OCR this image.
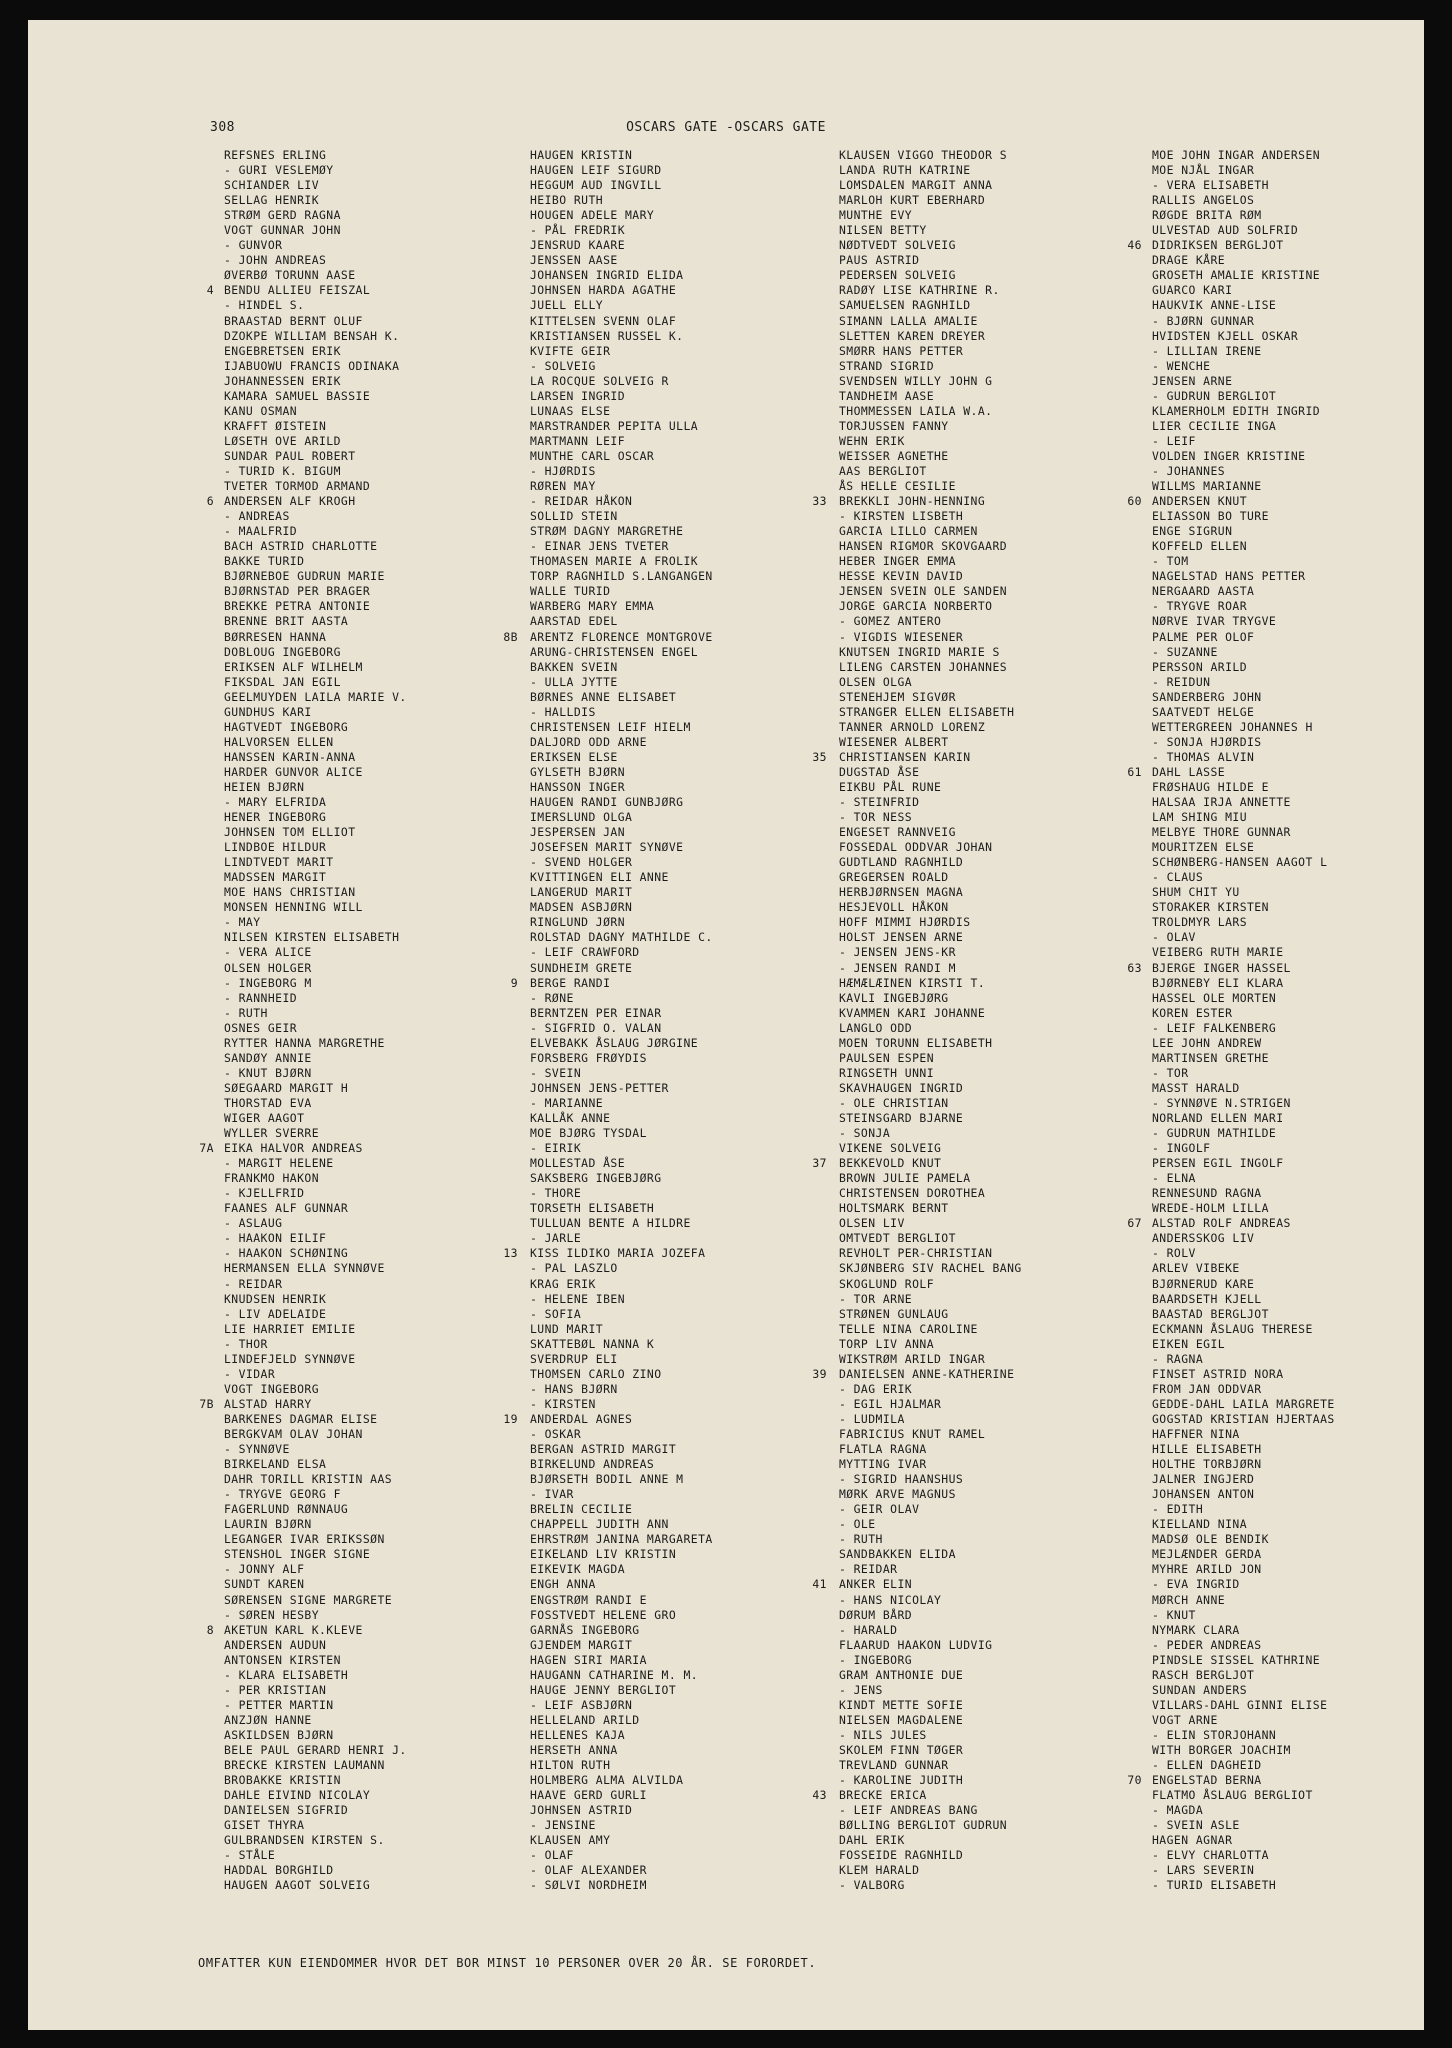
308	OSCARS GATE -OSCARS GATE
REFSNES ERLING
- GURI VESLEMØY
SCHIANDER LIV
SELLAG HENRIK
STRØM GERD RAGNA
VOGT GUNNAR JOHN
- GUNVOR
- JOHN ANDREAS
ØVERBØ TORUNN AASE
4 BENDU ALLIEU FEISZAL
- HINDEL S.
BRAASTAD BERNT OLUF
DZOKPE WILLIAM BENSAH K.
ENGEBRETSEN ERIK
IJABUOWU FRANCIS ODINAKA
JOHANNESSEN ERIK
KAMARA SAMUEL BASSIE
KANU OSMAN
KRAFFT ØISTEIN
LØSETH OVE ARILD
SUNDAR PAUL ROBERT
- TURID K. BIGUM
TVETER TORMOD ARMAND
6 ANDERSEN ALF KROGH
- ANDREAS
- MAALFRID
BACH ASTRID CHARLOTTE
BAKKE TURID
BJØRNEBOE GUDRUN MARIE
BJØRNSTAD PER BRAGER
BREKKE PETRA ANTONIE
BRENNE BRIT AASTA
BØRRESEN HANNA
DOBLOUG INGEBORG
ERIKSEN ALF WILHELM
FIKSDAL JAN EGIL
GEELMUYDEN LAILA MARIE V.
GUNDHUS KARI
HAGTVEDT INGEBORG
HALVORSEN ELLEN
HANSSEN KARIN-ANNA
HARDER GUNVOR ALICE
HEIEN BJØRN
- MARY ELFRIDA
HENER INGEBORG
JOHNSEN TOM ELLIOT
LINDBOE HILDUR
LINDTVEDT MARIT
MADSSEN MARGIT
MOE HANS CHRISTIAN
MONSEN HENNING WILL
- MAY
NILSEN KIRSTEN ELISABETH
- VERA ALICE
OLSEN HOLGER
- INGEBORG M
- RANNHEID
- RUTH
OSNES GEIR
RYTTER HANNA MARGRETHE
SANDØY ANNIE
- KNUT BJØRN
SØEGAARD MARGIT H
THORSTAD EVA
WIGER AAGOT
WYLLER SVERRE
7A EIKA HALVOR ANDREAS
- MARGIT HELENE
FRANKMO HAKON
- KJELLFRID
FAANES ALF GUNNAR
- ASLAUG
- HAAKON EILIF
- HAAKON SCHØNING
HERMANSEN ELLA SYNNØVE
- REIDAR
KNUDSEN HENRIK
- LIV ADELAIDE
LIE HARRIET EMILIE
- THOR
LINDEFJELD SYNNØVE
- VIDAR
VOGT INGEBORG
7B ALSTAD HARRY
BARKENES DAGMAR ELISE
BERGKVAM OLAV JOHAN
- SYNNØVE
BIRKELAND ELSA
DAHR TORILL KRISTIN AAS
- TRYGVE GEORG F
FAGERLUND RØNNAUG
LAURIN BJØRN
LEGANGER IVAR ERIKSSØN
STENSHOL INGER SIGNE
- JONNY ALF
SUNDT KAREN
SØRENSEN SIGNE MARGRETE
- SØREN HESBY
8 AKETUN KARL K.KLEVE
ANDERSEN AUDUN
ANTONSEN KIRSTEN
- KLARA ELISABETH
- PER KRISTIAN
- PETTER MARTIN
ANZJØN HANNE
ASKILDSEN BJØRN
BELE PAUL GERARD HENRI J.
BRECKE KIRSTEN LAUMANN
BROBAKKE KRISTIN
DAHLE EIVIND NICOLAY
DANIELSEN SIGFRID
GISET THYRA
GULBRANDSEN KIRSTEN S.
- STÅLE
HADDAL BORGHILD
HAUGEN AAGOT SOLVEIG
HAUGEN KRISTIN
HAUGEN LEIF SIGURD
HEGGUM AUD INGVILL
HEIBO RUTH
HOUGEN ADELE MARY
- PÅL FREDRIK
JENSRUD KAARE
JENSSEN AASE
JOHANSEN INGRID ELIDA
JOHNSEN HARDA AGATHE
JUELL ELLY
KITTELSEN SVENN OLAF
KRISTIANSEN RUSSEL K.
KVIFTE GEIR
- SOLVEIG
LA ROCQUE SOLVEIG R
LARSEN INGRID
LUNAAS ELSE
MARSTRANDER PEPITA ULLA
MARTMANN LEIF
MUNTHE CARL OSCAR
- HJØRDIS
RØREN MAY
- REIDAR HÅKON
SOLLID STEIN
STRØM DAGNY MARGRETHE
- EINAR JENS TVETER
THOMASEN MARIE A FROLIK
TORP RAGNHILD S.LANGANGEN
WALLE TURID
WARBERG MARY EMMA
AARSTAD EDEL
8B ARENTZ FLORENCE MONTGROVE
ARUNG-CHRISTENSEN ENGEL
BAKKEN SVEIN
- ULLA JYTTE
BØRNES ANNE ELISABET
- HALLDIS
CHRISTENSEN LEIF HIELM
DALJORD ODD ARNE
ERIKSEN ELSE
GYLSETH BJØRN
HANSSON INGER
HAUGEN RANDI GUNBJØRG
IMERSLUND OLGA
JESPERSEN JAN
JOSEFSEN MARIT SYNØVE
- SVEND HOLGER
KVITTINGEN ELI ANNE
LANGERUD MARIT
MADSEN ASBJØRN
RINGLUND JØRN
ROLSTAD DAGNY MATHILDE C.
- LEIF CRAWFORD
SUNDHEIM GRETE
9 BERGE RANDI
- RØNE
BERNTZEN PER EINAR
- SIGFRID O. VALAN
ELVEBAKK ÅSLAUG JØRGINE
FORSBERG FRØYDIS
- SVEIN
JOHNSEN JENS-PETTER
- MARIANNE
KALLÅK ANNE
MOE BJØRG TYSDAL
- EIRIK
MOLLESTAD ÅSE
SAKSBERG INGEBJØRG
- THORE
TORSETH ELISABETH
TULLUAN BENTE A HILDRE
- JARLE
13 KISS ILDIKO MARIA JOZEFA
- PAL LASZLO
KRAG ERIK
- HELENE IBEN
- SOFIA
LUND MARIT
SKATTEBØL NANNA K
SVERDRUP ELI
THOMSEN CARLO ZINO
- HANS BJØRN
- KIRSTEN
19 ANDERDAL AGNES
- OSKAR
BERGAN ASTRID MARGIT
BIRKELUND ANDREAS
BJØRSETH BODIL ANNE M
- IVAR
BRELIN CECILIE
CHAPPELL JUDITH ANN
EHRSTRØM JANINA MARGARETA
EIKELAND LIV KRISTIN
EIKEVIK MAGDA
ENGH ANNA
ENGSTRØM RANDI E
FOSSTVEDT HELENE GRO
GARNÅS INGEBORG
GJENDEM MARGIT
HAGEN SIRI MARIA
HAUGANN CATHARINE M. M.
HAUGE JENNY BERGLIOT
- LEIF ASBJØRN
HELLELAND ARILD
HELLENES KAJA
HERSETH ANNA
HILTON RUTH
HOLMBERG ALMA ALVILDA
HAAVE GERD GURLI
JOHNSEN ASTRID
- JENSINE
KLAUSEN AMY
- OLAF
- OLAF ALEXANDER
- SØLVI NORDHEIM
KLAUSEN VIGGO THEODOR S
LANDA RUTH KATRINE
LOMSDALEN MARGIT ANNA
MARLOH KURT EBERHARD
MUNTHE EVY
NILSEN BETTY
NØDTVEDT SOLVEIG
PAUS ASTRID
PEDERSEN SOLVEIG
RADØY LISE KATHRINE R.
SAMUELSEN RAGNHILD
SIMANN LALLA AMALIE
SLETTEN KAREN DREYER
SMØRR HANS PETTER
STRAND SIGRID
SVENDSEN WILLY JOHN G
TANDHEIM AASE
THOMMESSEN LAILA W.A.
TORJUSSEN FANNY
WEHN ERIK
WEISSER AGNETHE
AAS BERGLIOT
ÅS HELLE CESILIE
33 BREKKLI JOHN-HENNING
- KIRSTEN LISBETH
GARCIA LILLO CARMEN
HANSEN RIGMOR SKOVGAARD
HEBER INGER EMMA
HESSE KEVIN DAVID
JENSEN SVEIN OLE SANDEN
JORGE GARCIA NORBERTO
- GOMEZ ANTERO
- VIGDIS WIESENER
KNUTSEN INGRID MARIE S
LILENG CARSTEN JOHANNES
OLSEN OLGA
STENEHJEM SIGVØR
STRANGER ELLEN ELISABETH
TANNER ARNOLD LORENZ
WIESENER ALBERT
35 CHRISTIANSEN KARIN
DUGSTAD ÅSE
EIKBU PÅL RUNE
- STEINFRID
- TOR NESS
ENGESET RANNVEIG
FOSSEDAL ODDVAR JOHAN
GUDTLAND RAGNHILD
GREGERSEN ROALD
HERBJØRNSEN MAGNA
HESJEVOLL HÅKON
HOFF MIMMI HJØRDIS
HOLST JENSEN ARNE
- JENSEN JENS-KR
- JENSEN RANDI M
HÆMÆLÆINEN KIRSTI T.
KAVLI INGEBJØRG
KVAMMEN KARI JOHANNE
LANGLO ODD
MOEN TORUNN ELISABETH
PAULSEN ESPEN
RINGSETH UNNI
SKAVHAUGEN INGRID
- OLE CHRISTIAN
STEINSGARD BJARNE
- SONJA
VIKENE SOLVEIG
37 BEKKEVOLD KNUT
BROWN JULIE PAMELA
CHRISTENSEN DOROTHEA
HOLTSMARK BERNT
OLSEN LIV
OMTVEDT BERGLIOT
REVHOLT PER-CHRISTIAN
SKJØNBERG SIV RACHEL BANG
SKOGLUND ROLF
- TOR ARNE
STRØNEN GUNLAUG
TELLE NINA CAROLINE
TORP LIV ANNA
WIKSTRØM ARILD INGAR
39 DANIELSEN ANNE-KATHERINE
- DAG ERIK
- EGIL HJALMAR
- LUDMILA
FABRICIUS KNUT RAMEL
FLATLA RAGNA
MYTTING IVAR
- SIGRID HAANSHUS
MØRK ARVE MAGNUS
- GEIR OLAV
- OLE
- RUTH
SANDBAKKEN ELIDA
- REIDAR
41 ANKER ELIN
- HANS NICOLAY
DØRUM BÅRD
- HARALD
FLAARUD HAAKON LUDVIG
- INGEBORG
GRAM ANTHONIE DUE
- JENS
KINDT METTE SOFIE
NIELSEN MAGDALENE
- NILS JULES
SKOLEM FINN TØGER
TREVLAND GUNNAR
- KAROLINE JUDITH
43 BRECKE ERICA
- LEIF ANDREAS BANG
BØLLING BERGLIOT GUDRUN
DAHL ERIK
FOSSEIDE RAGNHILD
KLEM HARALD
- VALBORG
MOE JOHN INGAR ANDERSEN
MOE NJÅL INGAR
- VERA ELISABETH
RALLIS ANGELOS
RØGDE BRITA RØM
ULVESTAD AUD SOLFRID
46 DIDRIKSEN BERGLJOT
DRAGE KÅRE
GROSETH AMALIE KRISTINE
GUARCO KARI
HAUKVIK ANNE-LISE
- BJØRN GUNNAR
HVIDSTEN KJELL OSKAR
- LILLIAN IRENE
- WENCHE
JENSEN ARNE
- GUDRUN BERGLIOT
KLAMERHOLM EDITH INGRID
LIER CECILIE INGA
- LEIF
VOLDEN INGER KRISTINE
- JOHANNES
WILLMS MARIANNE
60 ANDERSEN KNUT
ELIASSON BO TURE
ENGE SIGRUN
KOFFELD ELLEN
- TOM
NAGELSTAD HANS PETTER
NERGAARD AASTA
- TRYGVE ROAR
NØRVE IVAR TRYGVE
PALME PER OLOF
- SUZANNE
PERSSON ARILD
- REIDUN
SANDERBERG JOHN
SAATVEDT HELGE
WETTERGREEN JOHANNES H
- SONJA HJØRDIS
- THOMAS ALVIN
61 DAHL LASSE
FRØSHAUG HILDE E
HALSAA IRJA ANNETTE
LAM SHING MIU
MELBYE THORE GUNNAR
MOURITZEN ELSE
SCHØNBERG-HANSEN AAGOT L
- CLAUS
SHUM CHIT YU
STORAKER KIRSTEN
TROLDMYR LARS
- OLAV
VEIBERG RUTH MARIE
63 BJERGE INGER HASSEL
BJØRNEBY ELI KLARA
HASSEL OLE MORTEN
KOREN ESTER
- LEIF FALKENBERG
LEE JOHN ANDREW
MARTINSEN GRETHE
- TOR
MASST HARALD
- SYNNØVE N.STRIGEN
NORLAND ELLEN MARI
- GUDRUN MATHILDE
- INGOLF
PERSEN EGIL INGOLF
- ELNA
RENNESUND RAGNA
WREDE-HOLM LILLA
67 ALSTAD ROLF ANDREAS
ANDERSSKOG LIV
- ROLV
ARLEV VIBEKE
BJØRNERUD KARE
BAARDSETH KJELL
BAASTAD BERGLJOT
ECKMANN ÅSLAUG THERESE
EIKEN EGIL
- RAGNA
FINSET ASTRID NORA
FROM JAN ODDVAR
GEDDE-DAHL LAILA MARGRETE
GOGSTAD KRISTIAN HJERTAAS
HAFFNER NINA
HILLE ELISABETH
HOLTHE TORBJØRN
JALNER INGJERD
JOHANSEN ANTON
- EDITH
KIELLAND NINA
MADSØ OLE BENDIK
MEJLÆNDER GERDA
MYHRE ARILD JON
- EVA INGRID
MØRCH ANNE
- KNUT
NYMARK CLARA
- PEDER ANDREAS
PINDSLE SISSEL KATHRINE
RASCH BERGLJOT
SUNDAN ANDERS
VILLARS-DAHL GINNI ELISE
VOGT ARNE
- ELIN STORJOHANN
WITH BORGER JOACHIM
- ELLEN DAGHEID
70 ENGELSTAD BERNA
FLATMO ÅSLAUG BERGLIOT
- MAGDA
- SVEIN ASLE
HAGEN AGNAR
- ELVY CHARLOTTA
- LARS SEVERIN
- TURID ELISABETH
OMFATTER KUN EIENDOMMER HVOR DET BOR MINST 10 PERSONER OVER 20 ÅR. SE FORORDET.
